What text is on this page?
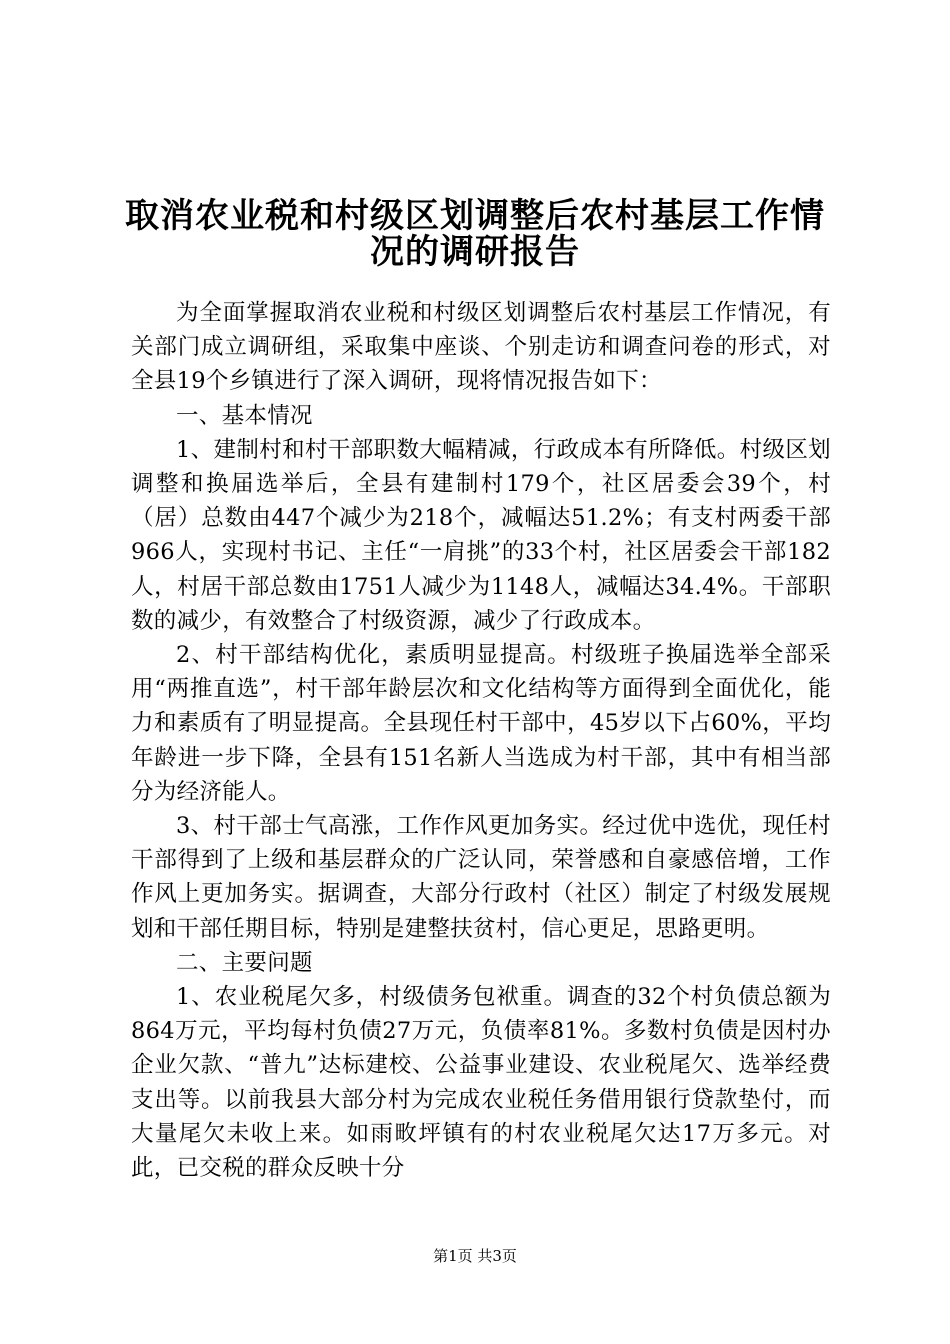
取消农业税和村级区划调整后农村基层工作情
况的调研报告

为全面掌握取消农业税和村级区划调整后农村基层工作情况，有关部门成立调研组，采取集中座谈、个别走访和调查问卷的形式，对全县19个乡镇进行了深入调研，现将情况报告如下：

一、基本情况

1、建制村和村干部职数大幅精减，行政成本有所降低。村级区划调整和换届选举后，全县有建制村179个，社区居委会39个，村（居）总数由447个减少为218个，减幅达51.2%；有支村两委干部966人，实现村书记、主任“一肩挑”的33个村，社区居委会干部182人，村居干部总数由1751人减少为1148人，减幅达34.4%。干部职数的减少，有效整合了村级资源，减少了行政成本。

2、村干部结构优化，素质明显提高。村级班子换届选举全部采用“两推直选”，村干部年龄层次和文化结构等方面得到全面优化，能力和素质有了明显提高。全县现任村干部中，45岁以下占60%，平均年龄进一步下降，全县有151名新人当选成为村干部，其中有相当部分为经济能人。

3、村干部士气高涨，工作作风更加务实。经过优中选优，现任村干部得到了上级和基层群众的广泛认同，荣誉感和自豪感倍增，工作作风上更加务实。据调查，大部分行政村（社区）制定了村级发展规划和干部任期目标，特别是建整扶贫村，信心更足，思路更明。

二、主要问题

1、农业税尾欠多，村级债务包袱重。调查的32个村负债总额为864万元，平均每村负债27万元，负债率81%。多数村负债是因村办企业欠款、“普九”达标建校、公益事业建设、农业税尾欠、选举经费支出等。以前我县大部分村为完成农业税任务借用银行贷款垫付，而大量尾欠未收上来。如雨畋坪镇有的村农业税尾欠达17万多元。对此，已交税的群众反映十分

第1页 共3页
